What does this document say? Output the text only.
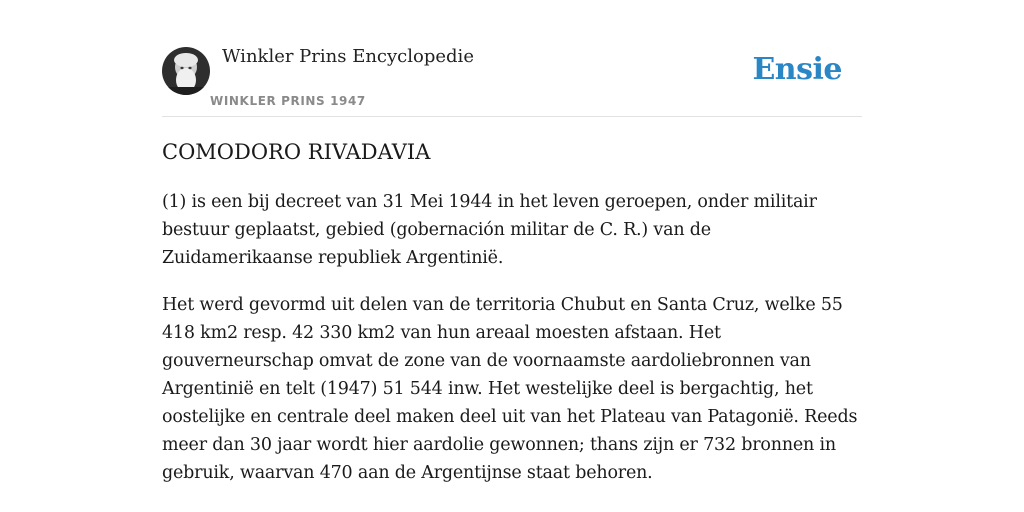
Winkler Prins Encyclopedie
WINKLER PRINS 1947
Ensie
COMODORO RIVADAVIA

(1) is een bij decreet van 31 Mei 1944 in het leven geroepen, onder militair bestuur geplaatst, gebied (gobernación militar de C. R.) van de Zuidamerikaanse republiek Argentinië.

Het werd gevormd uit delen van de territoria Chubut en Santa Cruz, welke 55 418 km2 resp. 42 330 km2 van hun areaal moesten afstaan. Het gouverneurschap omvat de zone van de voornaamste aardoliebronnen van Argentinië en telt (1947) 51 544 inw. Het westelijke deel is bergachtig, het oostelijke en centrale deel maken deel uit van het Plateau van Patagonië. Reeds meer dan 30 jaar wordt hier aardolie gewonnen; thans zijn er 732 bronnen in gebruik, waarvan 470 aan de Argentijnse staat behoren.
